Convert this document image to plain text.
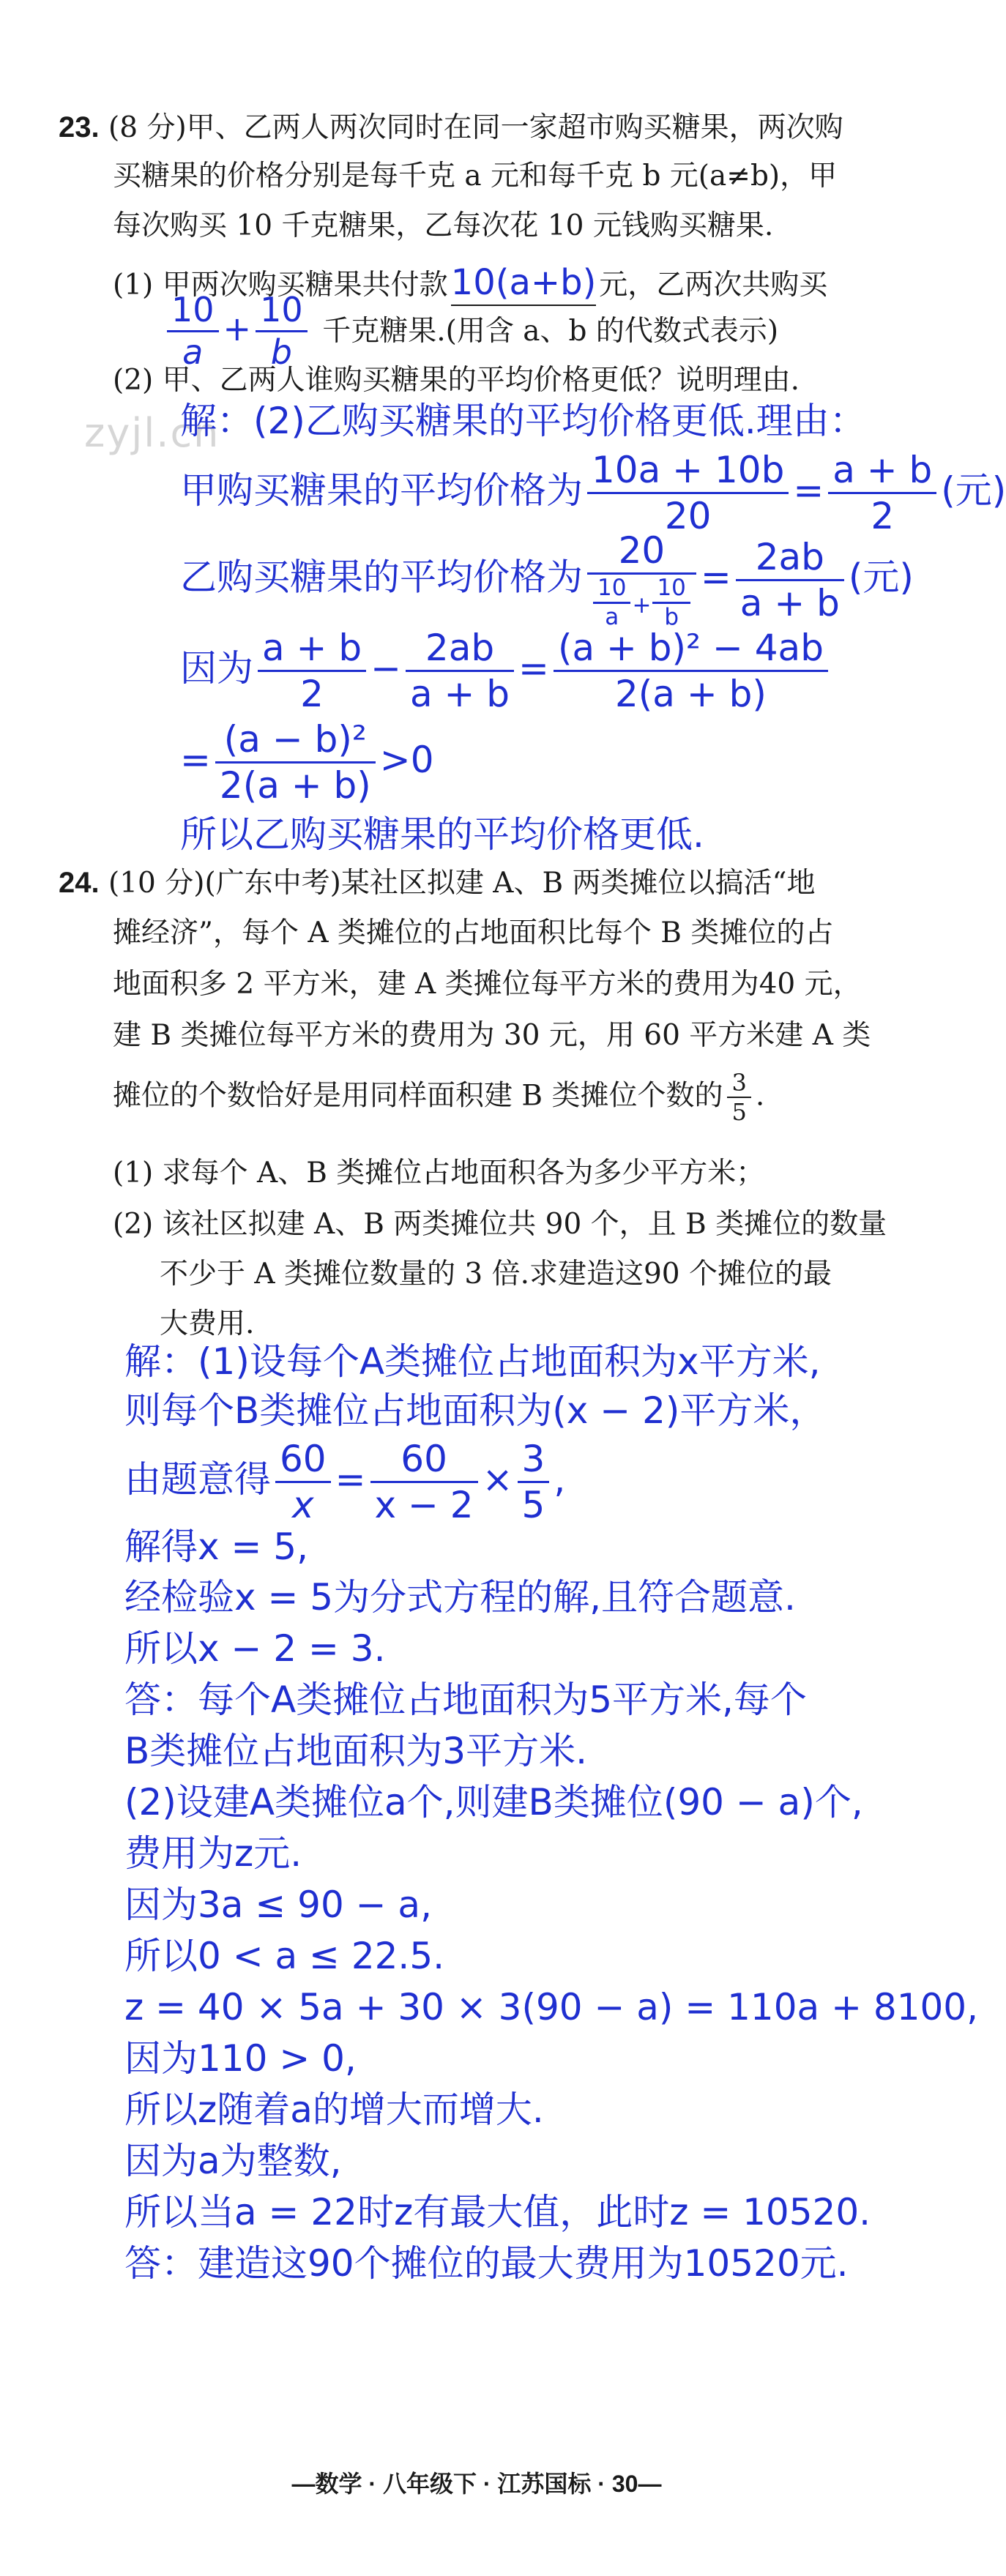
23. (8 分)甲、乙两人两次同时在同一家超市购买糖果，两次购
买糖果的价格分别是每千克 a 元和每千克 b 元(a≠b)，甲
每次购买 10 千克糖果，乙每次花 10 元钱购买糖果.
(1) 甲两次购买糖果共付款10(a+b) 元，乙两次共购买
$\frac{10}{a} + \frac{10}{b}$ 千克糖果.(用含 a、b 的代数式表示)
(2) 甲、乙两人谁购买糖果的平均价格更低？说明理由.
zyjl.cn
解：(2)乙购买糖果的平均价格更低.理由：
甲购买糖果的平均价格为 $\frac{10a + 10b}{20} = \frac{a + b}{2}$ (元)
乙购买糖果的平均价格为 $\frac{20}{\frac{10}{a} + \frac{10}{b}} = \frac{2ab}{a + b}$ (元)
因为 $\frac{a + b}{2} - \frac{2ab}{a + b} = \frac{\text{(a + b)² − 4ab}}{2(a + b)}$
= $\frac{\text{(a − b)²}}{2(a + b)} >0$
所以乙购买糖果的平均价格更低.
24. (10 分)(广东中考)某社区拟建 A、B 两类摊位以搞活“地
摊经济”，每个 A 类摊位的占地面积比每个 B 类摊位的占
地面积多 2 平方米，建 A 类摊位每平方米的费用为40 元，
建 B 类摊位每平方米的费用为 30 元，用 60 平方米建 A 类
摊位的个数恰好是用同样面积建 B 类摊位个数的 $\frac{3}{5}$ .
(1) 求每个 A、B 类摊位占地面积各为多少平方米；
(2) 该社区拟建 A、B 两类摊位共 90 个，且 B 类摊位的数量
不少于 A 类摊位数量的 3 倍.求建造这90 个摊位的最
大费用.
解：(1)设每个A类摊位占地面积为x平方米,
则每个B类摊位占地面积为(x − 2)平方米，
由题意得 $\frac{60}{x} = \frac{60}{x - 2} \times \frac{3}{5}$ ,
解得x = 5,
经检验x = 5为分式方程的解,且符合题意.
所以x − 2 = 3.
答：每个A类摊位占地面积为5平方米,每个
B类摊位占地面积为3平方米.
(2)设建A类摊位a个,则建B类摊位(90 − a)个,
费用为z元.
因为3a ≤ 90 − a,
所以0 < a ≤ 22.5.
z = 40 × 5a + 30 × 3(90 − a) = 110a + 8100,
因为110 > 0,
所以z随着a的增大而增大.
因为a为整数,
所以当a = 22时z有最大值，此时z = 10520.
答：建造这90个摊位的最大费用为10520元.
—数学 · 八年级下 · 江苏国标 · 30—
